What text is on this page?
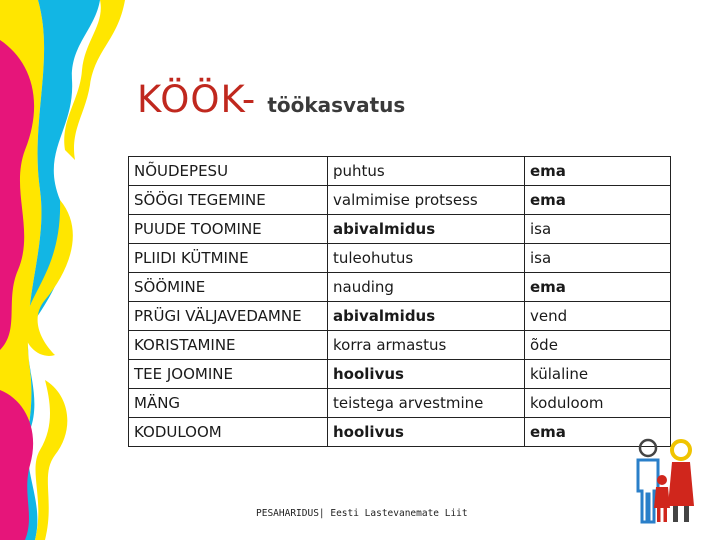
KÖÖK- töökasvatus
NÕUDEPESU	puhtus	ema
SÖÖGI TEGEMINE	valmimise protsess	ema
PUUDE TOOMINE	abivalmidus	isa
PLIIDI KÜTMINE	tuleohutus	isa
SÖÖMINE	nauding	ema
PRÜGI VÄLJAVEDAMNE	abivalmidus	vend
KORISTAMINE	korra armastus	õde
TEE JOOMINE	hoolivus	külaline
MÄNG	teistega arvestmine	koduloom
KODULOOM	hoolivus	ema
PESAHARIDUS| Eesti Lastevanemate Liit
